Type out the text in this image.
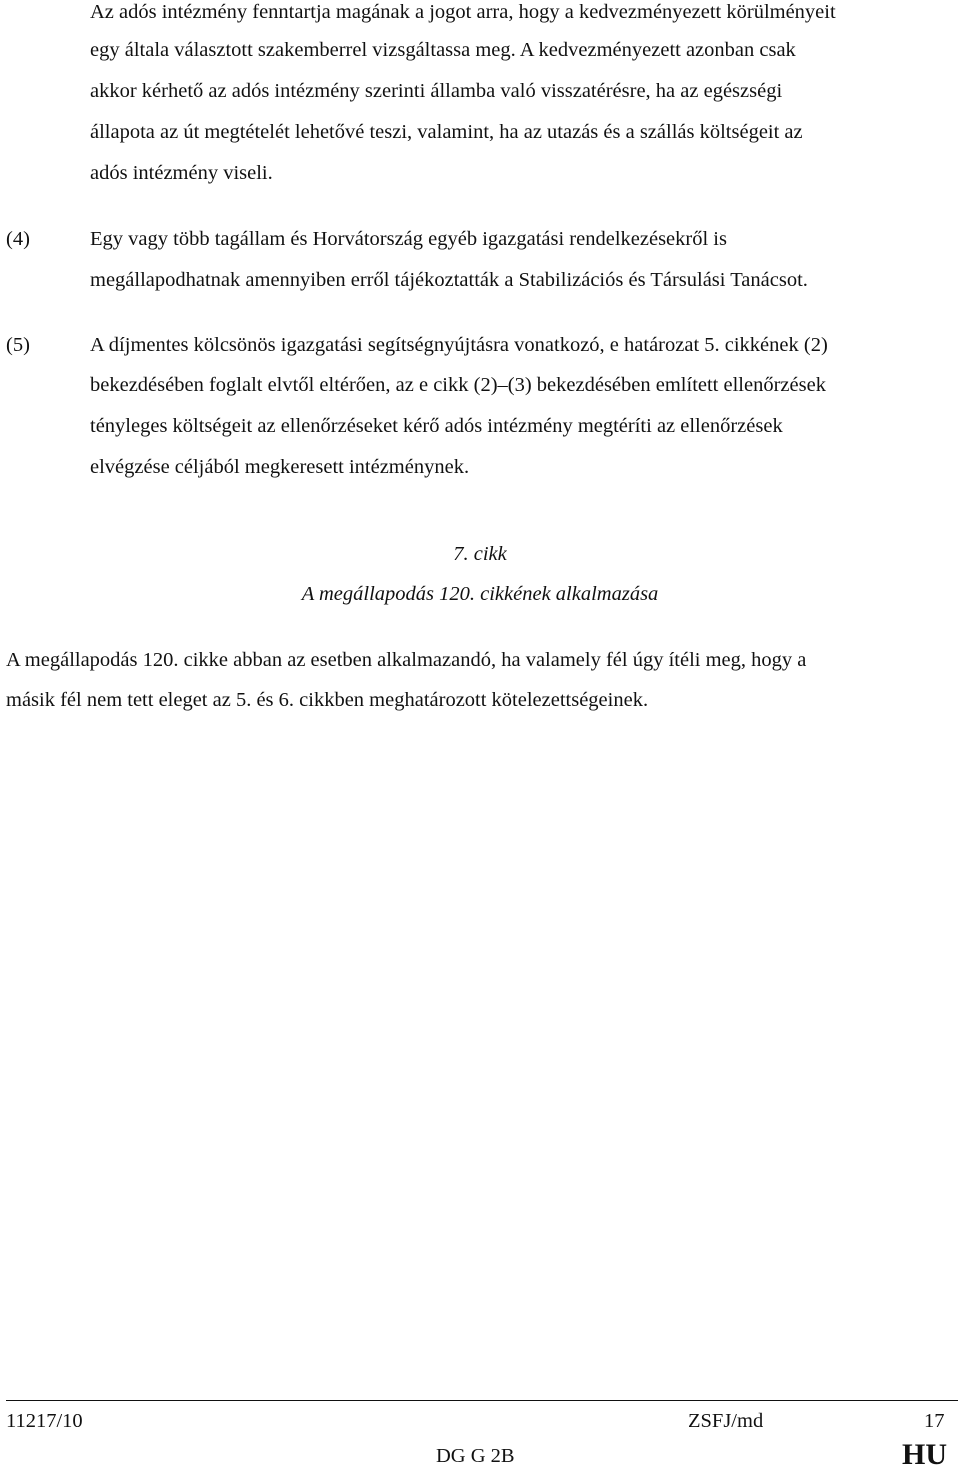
Az adós intézmény fenntartja magának a jogot arra, hogy a kedvezményezett körülményeit
egy általa választott szakemberrel vizsgáltassa meg. A kedvezményezett azonban csak
akkor kérhető az adós intézmény szerinti államba való visszatérésre, ha az egészségi
állapota az út megtételét lehetővé teszi, valamint, ha az utazás és a szállás költségeit az
adós intézmény viseli.
(4)	Egy vagy több tagállam és Horvátország egyéb igazgatási rendelkezésekről is
megállapodhatnak amennyiben erről tájékoztatták a Stabilizációs és Társulási Tanácsot.
(5)	A díjmentes kölcsönös igazgatási segítségnyújtásra vonatkozó, e határozat 5. cikkének (2)
bekezdésében foglalt elvtől eltérően, az e cikk (2)–(3) bekezdésében említett ellenőrzések
tényleges költségeit az ellenőrzéseket kérő adós intézmény megtéríti az ellenőrzések
elvégzése céljából megkeresett intézménynek.
7. cikk
A megállapodás 120. cikkének alkalmazása
A megállapodás 120. cikke abban az esetben alkalmazandó, ha valamely fél úgy ítéli meg, hogy a
másik fél nem tett eleget az 5. és 6. cikkben meghatározott kötelezettségeinek.
11217/10	ZSFJ/md	17
DG G 2B	HU
